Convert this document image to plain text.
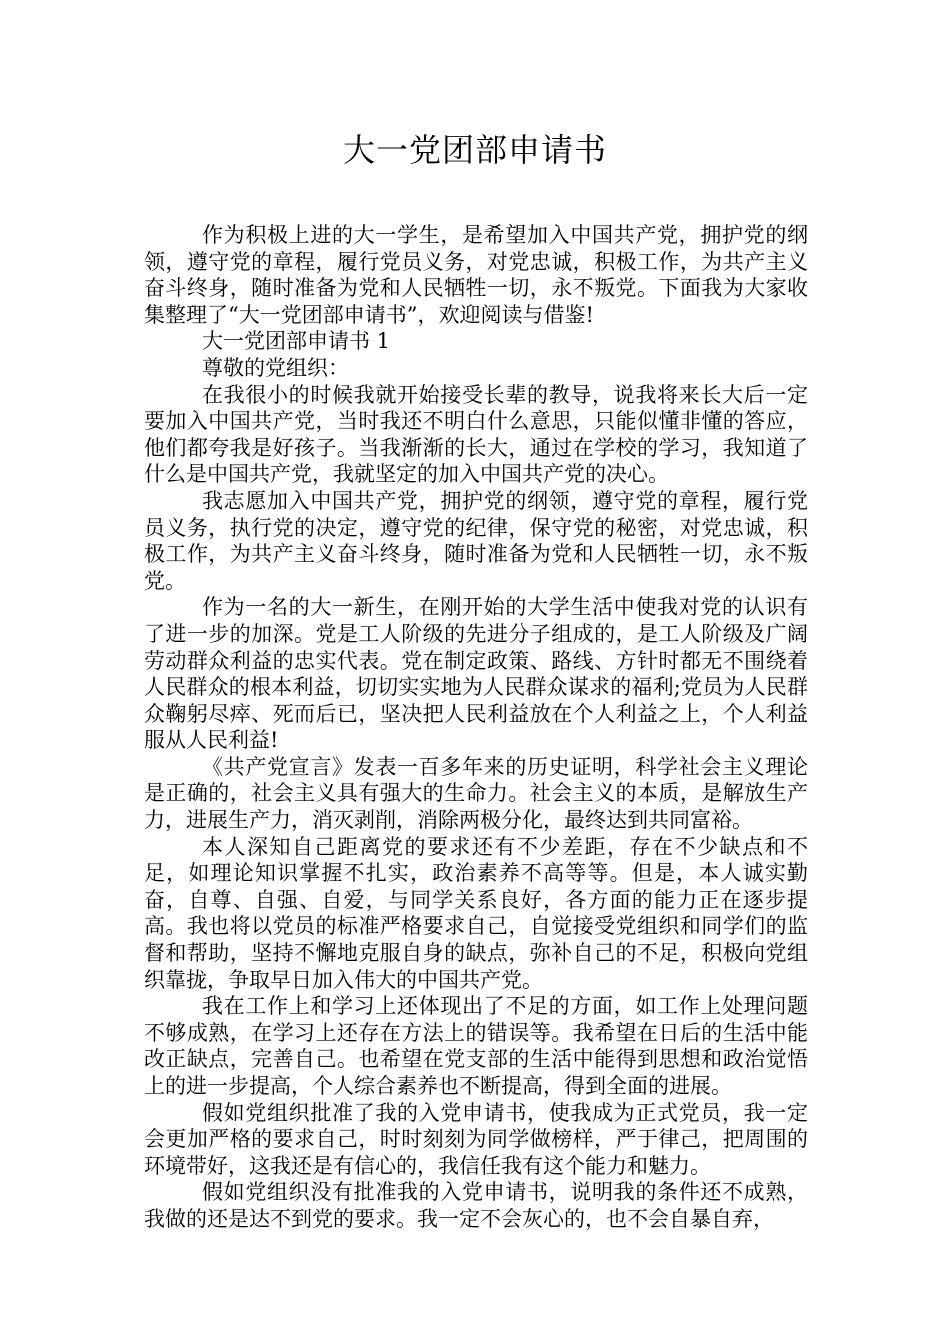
大一党团部申请书

作为积极上进的大一学生，是希望加入中国共产党，拥护党的纲领，遵守党的章程，履行党员义务，对党忠诚，积极工作，为共产主义奋斗终身，随时准备为党和人民牺牲一切，永不叛党。下面我为大家收集整理了“大一党团部申请书”，欢迎阅读与借鉴!

大一党团部申请书 1

尊敬的党组织：

在我很小的时候我就开始接受长辈的教导，说我将来长大后一定要加入中国共产党，当时我还不明白什么意思，只能似懂非懂的答应，他们都夸我是好孩子。当我渐渐的长大，通过在学校的学习，我知道了什么是中国共产党，我就坚定的加入中国共产党的决心。

我志愿加入中国共产党，拥护党的纲领，遵守党的章程，履行党员义务，执行党的决定，遵守党的纪律，保守党的秘密，对党忠诚，积极工作，为共产主义奋斗终身，随时准备为党和人民牺牲一切，永不叛党。

作为一名的大一新生，在刚开始的大学生活中使我对党的认识有了进一步的加深。党是工人阶级的先进分子组成的，是工人阶级及广阔劳动群众利益的忠实代表。党在制定政策、路线、方针时都无不围绕着人民群众的根本利益，切切实实地为人民群众谋求的福利;党员为人民群众鞠躬尽瘁、死而后已，坚决把人民利益放在个人利益之上，个人利益服从人民利益!

《共产党宣言》发表一百多年来的历史证明，科学社会主义理论是正确的，社会主义具有强大的生命力。社会主义的本质，是解放生产力，进展生产力，消灭剥削，消除两极分化，最终达到共同富裕。

本人深知自己距离党的要求还有不少差距，存在不少缺点和不足，如理论知识掌握不扎实，政治素养不高等等。但是，本人诚实勤奋，自尊、自强、自爱，与同学关系良好，各方面的能力正在逐步提高。我也将以党员的标准严格要求自己，自觉接受党组织和同学们的监督和帮助，坚持不懈地克服自身的缺点，弥补自己的不足，积极向党组织靠拢，争取早日加入伟大的中国共产党。

我在工作上和学习上还体现出了不足的方面，如工作上处理问题不够成熟，在学习上还存在方法上的错误等。我希望在日后的生活中能改正缺点，完善自己。也希望在党支部的生活中能得到思想和政治觉悟上的进一步提高，个人综合素养也不断提高，得到全面的进展。

假如党组织批准了我的入党申请书，使我成为正式党员，我一定会更加严格的要求自己，时时刻刻为同学做榜样，严于律己，把周围的环境带好，这我还是有信心的，我信任我有这个能力和魅力。

假如党组织没有批准我的入党申请书，说明我的条件还不成熟，我做的还是达不到党的要求。我一定不会灰心的，也不会自暴自弃，
